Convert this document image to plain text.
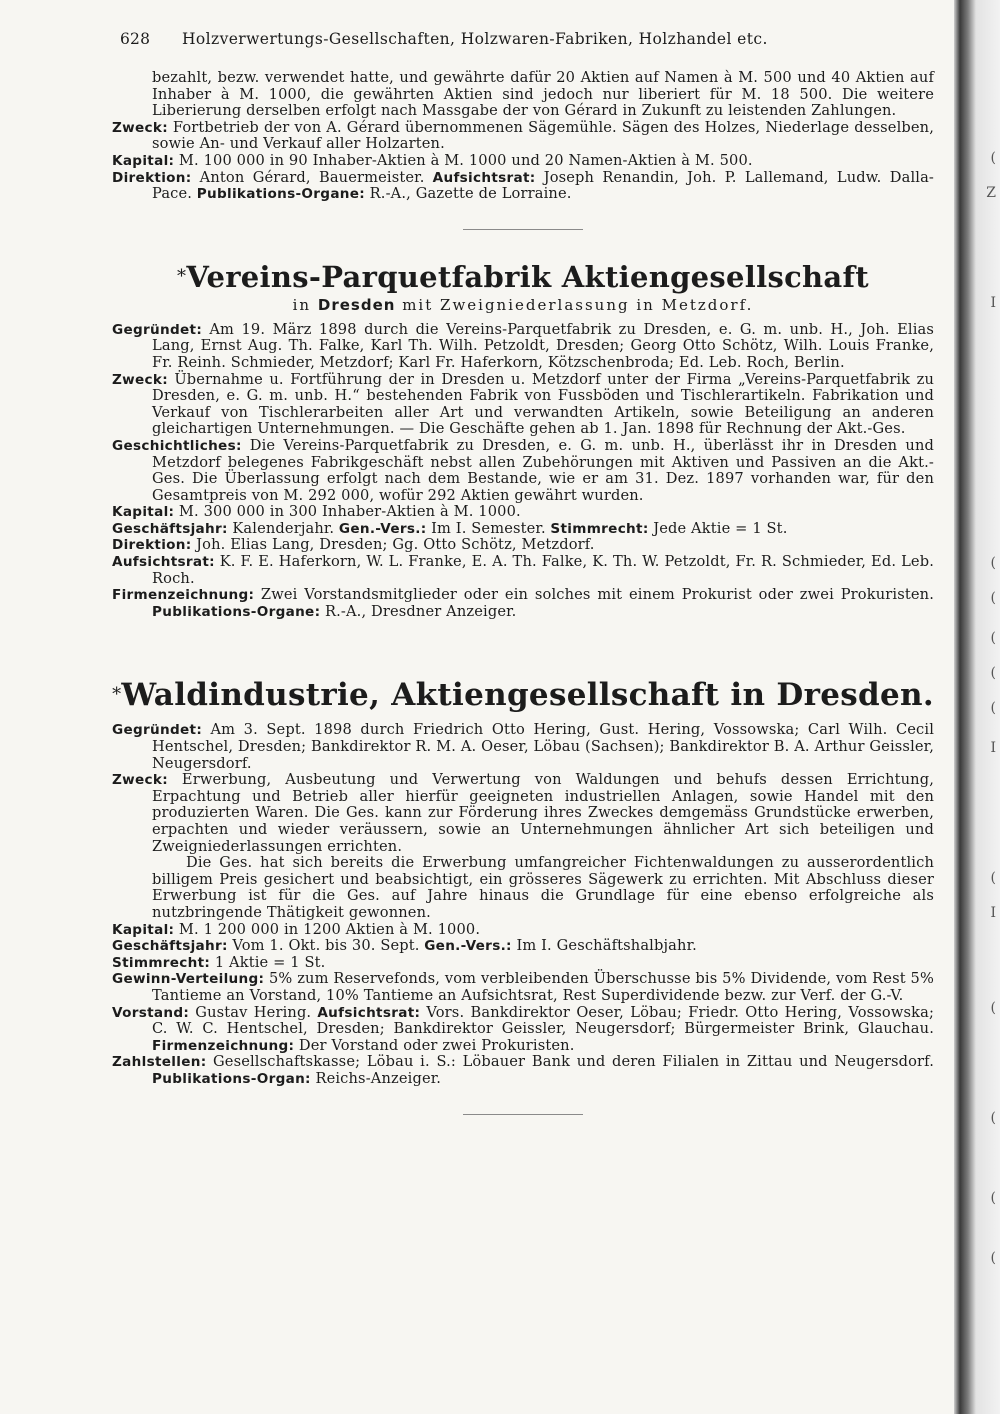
(
Z
I
(
(
(
(
(
I
(
I
(
(
(
(
628	Holzverwertungs-Gesellschaften, Holzwaren-Fabriken, Holzhandel etc.

bezahlt, bezw. verwendet hatte, und gewährte dafür 20 Aktien auf Namen à M. 500 und 40 Aktien auf Inhaber à M. 1000, die gewährten Aktien sind jedoch nur liberiert für M. 18 500. Die weitere Liberierung derselben erfolgt nach Massgabe der von Gérard in Zukunft zu leistenden Zahlungen.

Zweck: Fortbetrieb der von A. Gérard übernommenen Sägemühle. Sägen des Holzes, Niederlage desselben, sowie An- und Verkauf aller Holzarten.

Kapital: M. 100 000 in 90 Inhaber-Aktien à M. 1000 und 20 Namen-Aktien à M. 500.

Direktion: Anton Gérard, Bauermeister. Aufsichtsrat: Joseph Renandin, Joh. P. Lallemand, Ludw. Dalla-Pace. Publikations-Organe: R.-A., Gazette de Lorraine.

*Vereins-Parquetfabrik Aktiengesellschaft
in Dresden mit Zweigniederlassung in Metzdorf.

Gegründet: Am 19. März 1898 durch die Vereins-Parquetfabrik zu Dresden, e. G. m. unb. H., Joh. Elias Lang, Ernst Aug. Th. Falke, Karl Th. Wilh. Petzoldt, Dresden; Georg Otto Schötz, Wilh. Louis Franke, Fr. Reinh. Schmieder, Metzdorf; Karl Fr. Haferkorn, Kötzschenbroda; Ed. Leb. Roch, Berlin.

Zweck: Übernahme u. Fortführung der in Dresden u. Metzdorf unter der Firma „Vereins-Parquetfabrik zu Dresden, e. G. m. unb. H.“ bestehenden Fabrik von Fussböden und Tischlerartikeln. Fabrikation und Verkauf von Tischlerarbeiten aller Art und verwandten Artikeln, sowie Beteiligung an anderen gleichartigen Unternehmungen. — Die Geschäfte gehen ab 1. Jan. 1898 für Rechnung der Akt.-Ges.

Geschichtliches: Die Vereins-Parquetfabrik zu Dresden, e. G. m. unb. H., überlässt ihr in Dresden und Metzdorf belegenes Fabrikgeschäft nebst allen Zubehörungen mit Aktiven und Passiven an die Akt.-Ges. Die Überlassung erfolgt nach dem Bestande, wie er am 31. Dez. 1897 vorhanden war, für den Gesamtpreis von M. 292 000, wofür 292 Aktien gewährt wurden.

Kapital: M. 300 000 in 300 Inhaber-Aktien à M. 1000.

Geschäftsjahr: Kalenderjahr. Gen.-Vers.: Im I. Semester. Stimmrecht: Jede Aktie = 1 St.

Direktion: Joh. Elias Lang, Dresden; Gg. Otto Schötz, Metzdorf.

Aufsichtsrat: K. F. E. Haferkorn, W. L. Franke, E. A. Th. Falke, K. Th. W. Petzoldt, Fr. R. Schmieder, Ed. Leb. Roch.

Firmenzeichnung: Zwei Vorstandsmitglieder oder ein solches mit einem Prokurist oder zwei Prokuristen. Publikations-Organe: R.-A., Dresdner Anzeiger.

*Waldindustrie, Aktiengesellschaft in Dresden.

Gegründet: Am 3. Sept. 1898 durch Friedrich Otto Hering, Gust. Hering, Vossowska; Carl Wilh. Cecil Hentschel, Dresden; Bankdirektor R. M. A. Oeser, Löbau (Sachsen); Bankdirektor B. A. Arthur Geissler, Neugersdorf.

Zweck: Erwerbung, Ausbeutung und Verwertung von Waldungen und behufs dessen Errichtung, Erpachtung und Betrieb aller hierfür geeigneten industriellen Anlagen, sowie Handel mit den produzierten Waren. Die Ges. kann zur Förderung ihres Zweckes demgemäss Grundstücke erwerben, erpachten und wieder veräussern, sowie an Unternehmungen ähnlicher Art sich beteiligen und Zweigniederlassungen errichten.

Die Ges. hat sich bereits die Erwerbung umfangreicher Fichtenwaldungen zu ausserordentlich billigem Preis gesichert und beabsichtigt, ein grösseres Sägewerk zu errichten. Mit Abschluss dieser Erwerbung ist für die Ges. auf Jahre hinaus die Grundlage für eine ebenso erfolgreiche als nutzbringende Thätigkeit gewonnen.

Kapital: M. 1 200 000 in 1200 Aktien à M. 1000.

Geschäftsjahr: Vom 1. Okt. bis 30. Sept. Gen.-Vers.: Im I. Geschäftshalbjahr.

Stimmrecht: 1 Aktie = 1 St.

Gewinn-Verteilung: 5% zum Reservefonds, vom verbleibenden Überschusse bis 5% Dividende, vom Rest 5% Tantieme an Vorstand, 10% Tantieme an Aufsichtsrat, Rest Superdividende bezw. zur Verf. der G.-V.

Vorstand: Gustav Hering. Aufsichtsrat: Vors. Bankdirektor Oeser, Löbau; Friedr. Otto Hering, Vossowska; C. W. C. Hentschel, Dresden; Bankdirektor Geissler, Neugersdorf; Bürgermeister Brink, Glauchau. Firmenzeichnung: Der Vorstand oder zwei Prokuristen.

Zahlstellen: Gesellschaftskasse; Löbau i. S.: Löbauer Bank und deren Filialen in Zittau und Neugersdorf. Publikations-Organ: Reichs-Anzeiger.
